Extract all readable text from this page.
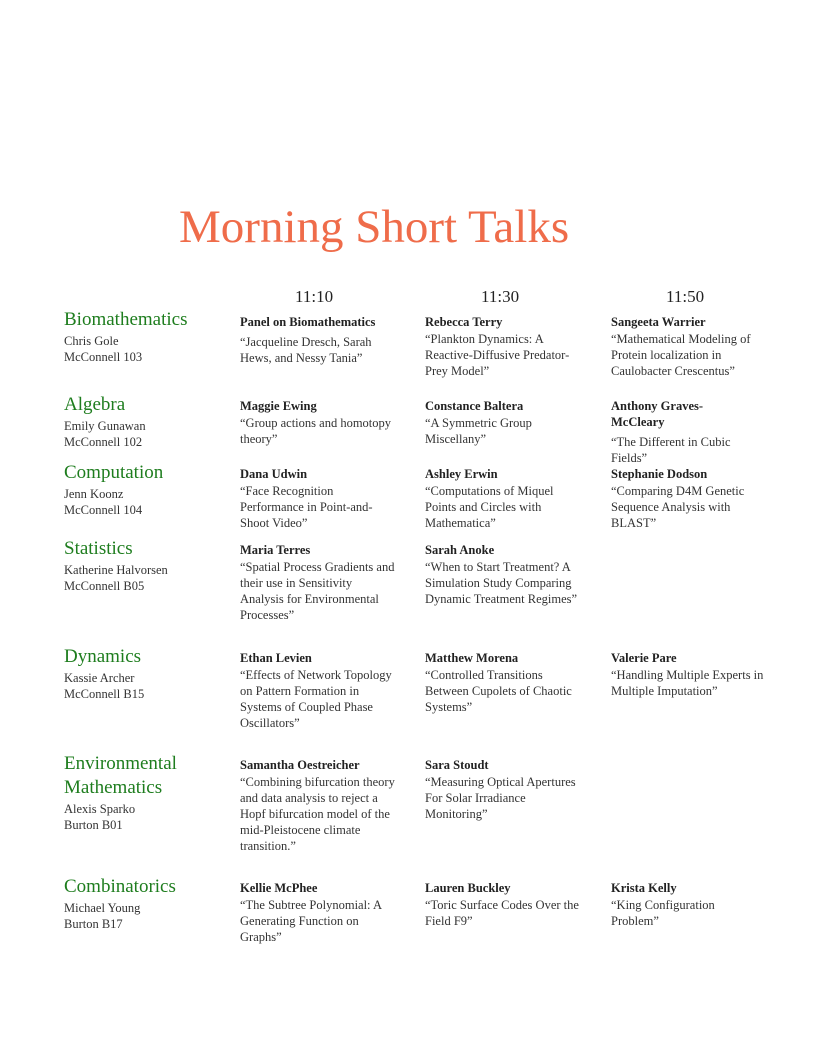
Morning Short Talks
11:10	11:30	11:50
Biomathematics
Chris Gole
McConnell 103
Panel on Biomathematics
“Jacqueline Dresch, Sarah Hews, and Nessy Tania”
Rebecca Terry
“Plankton Dynamics: A Reactive-Diffusive Predator-Prey Model”
Sangeeta Warrier
“Mathematical Modeling of Protein localization in Caulobacter Crescentus”
Algebra
Emily Gunawan
McConnell 102
Maggie Ewing
“Group actions and homotopy theory”
Constance Baltera
“A Symmetric Group Miscellany”
Anthony Graves-McCleary
“The Different in Cubic Fields”
Computation
Jenn Koonz
McConnell 104
Dana Udwin
“Face Recognition Performance in Point-and-Shoot Video”
Ashley Erwin
“Computations of Miquel Points and Circles with Mathematica”
Stephanie Dodson
“Comparing D4M Genetic Sequence Analysis with BLAST”
Statistics
Katherine Halvorsen
McConnell B05
Maria Terres
“Spatial Process Gradients and their use in Sensitivity Analysis for Environmental Processes”
Sarah Anoke
“When to Start Treatment? A Simulation Study Comparing Dynamic Treatment Regimes”
Dynamics
Kassie Archer
McConnell B15
Ethan Levien
“Effects of Network Topology on Pattern Formation in Systems of Coupled Phase Oscillators”
Matthew Morena
“Controlled Transitions Between Cupolets of Chaotic Systems”
Valerie Pare
“Handling Multiple Experts in Multiple Imputation”
Environmental Mathematics
Alexis Sparko
Burton B01
Samantha Oestreicher
“Combining bifurcation theory and data analysis to reject a Hopf bifurcation model of the mid-Pleistocene climate transition.”
Sara Stoudt
“Measuring Optical Apertures For Solar Irradiance Monitoring”
Combinatorics
Michael Young
Burton B17
Kellie McPhee
“The Subtree Polynomial: A Generating Function on Graphs”
Lauren Buckley
“Toric Surface Codes Over the Field F9”
Krista Kelly
“King Configuration Problem”
